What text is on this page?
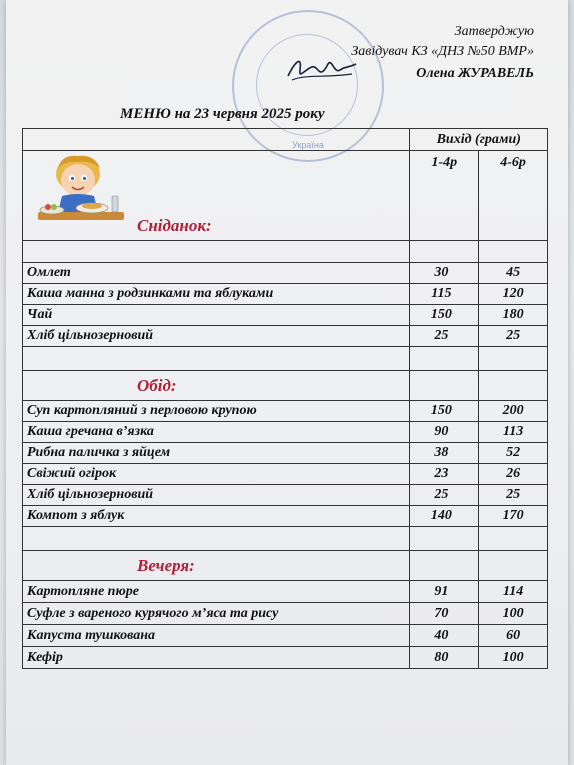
Україна
Затверджую
Завідувач КЗ «ДНЗ №50 ВМР»
Олена ЖУРАВЕЛЬ
МЕНЮ на 23 червня 2025 року
	Вихід (грами)	
Сніданок:	1-4р	4-6р

Омлет	30	45
Каша манна з родзинками та яблуками	115	120
Чай	150	180
Хліб цільнозерновий	25	25

Обід:		
Суп картопляний з перловою крупою	150	200
Каша гречана в’язка	90	113
Рибна паличка з яйцем	38	52
Свіжий огірок	23	26
Хліб цільнозерновий	25	25
Компот з яблук	140	170

Вечеря:		
Картопляне пюре	91	114
Суфле з вареного курячого м’яса та рису	70	100
Капуста тушкована	40	60
Кефір	80	100
